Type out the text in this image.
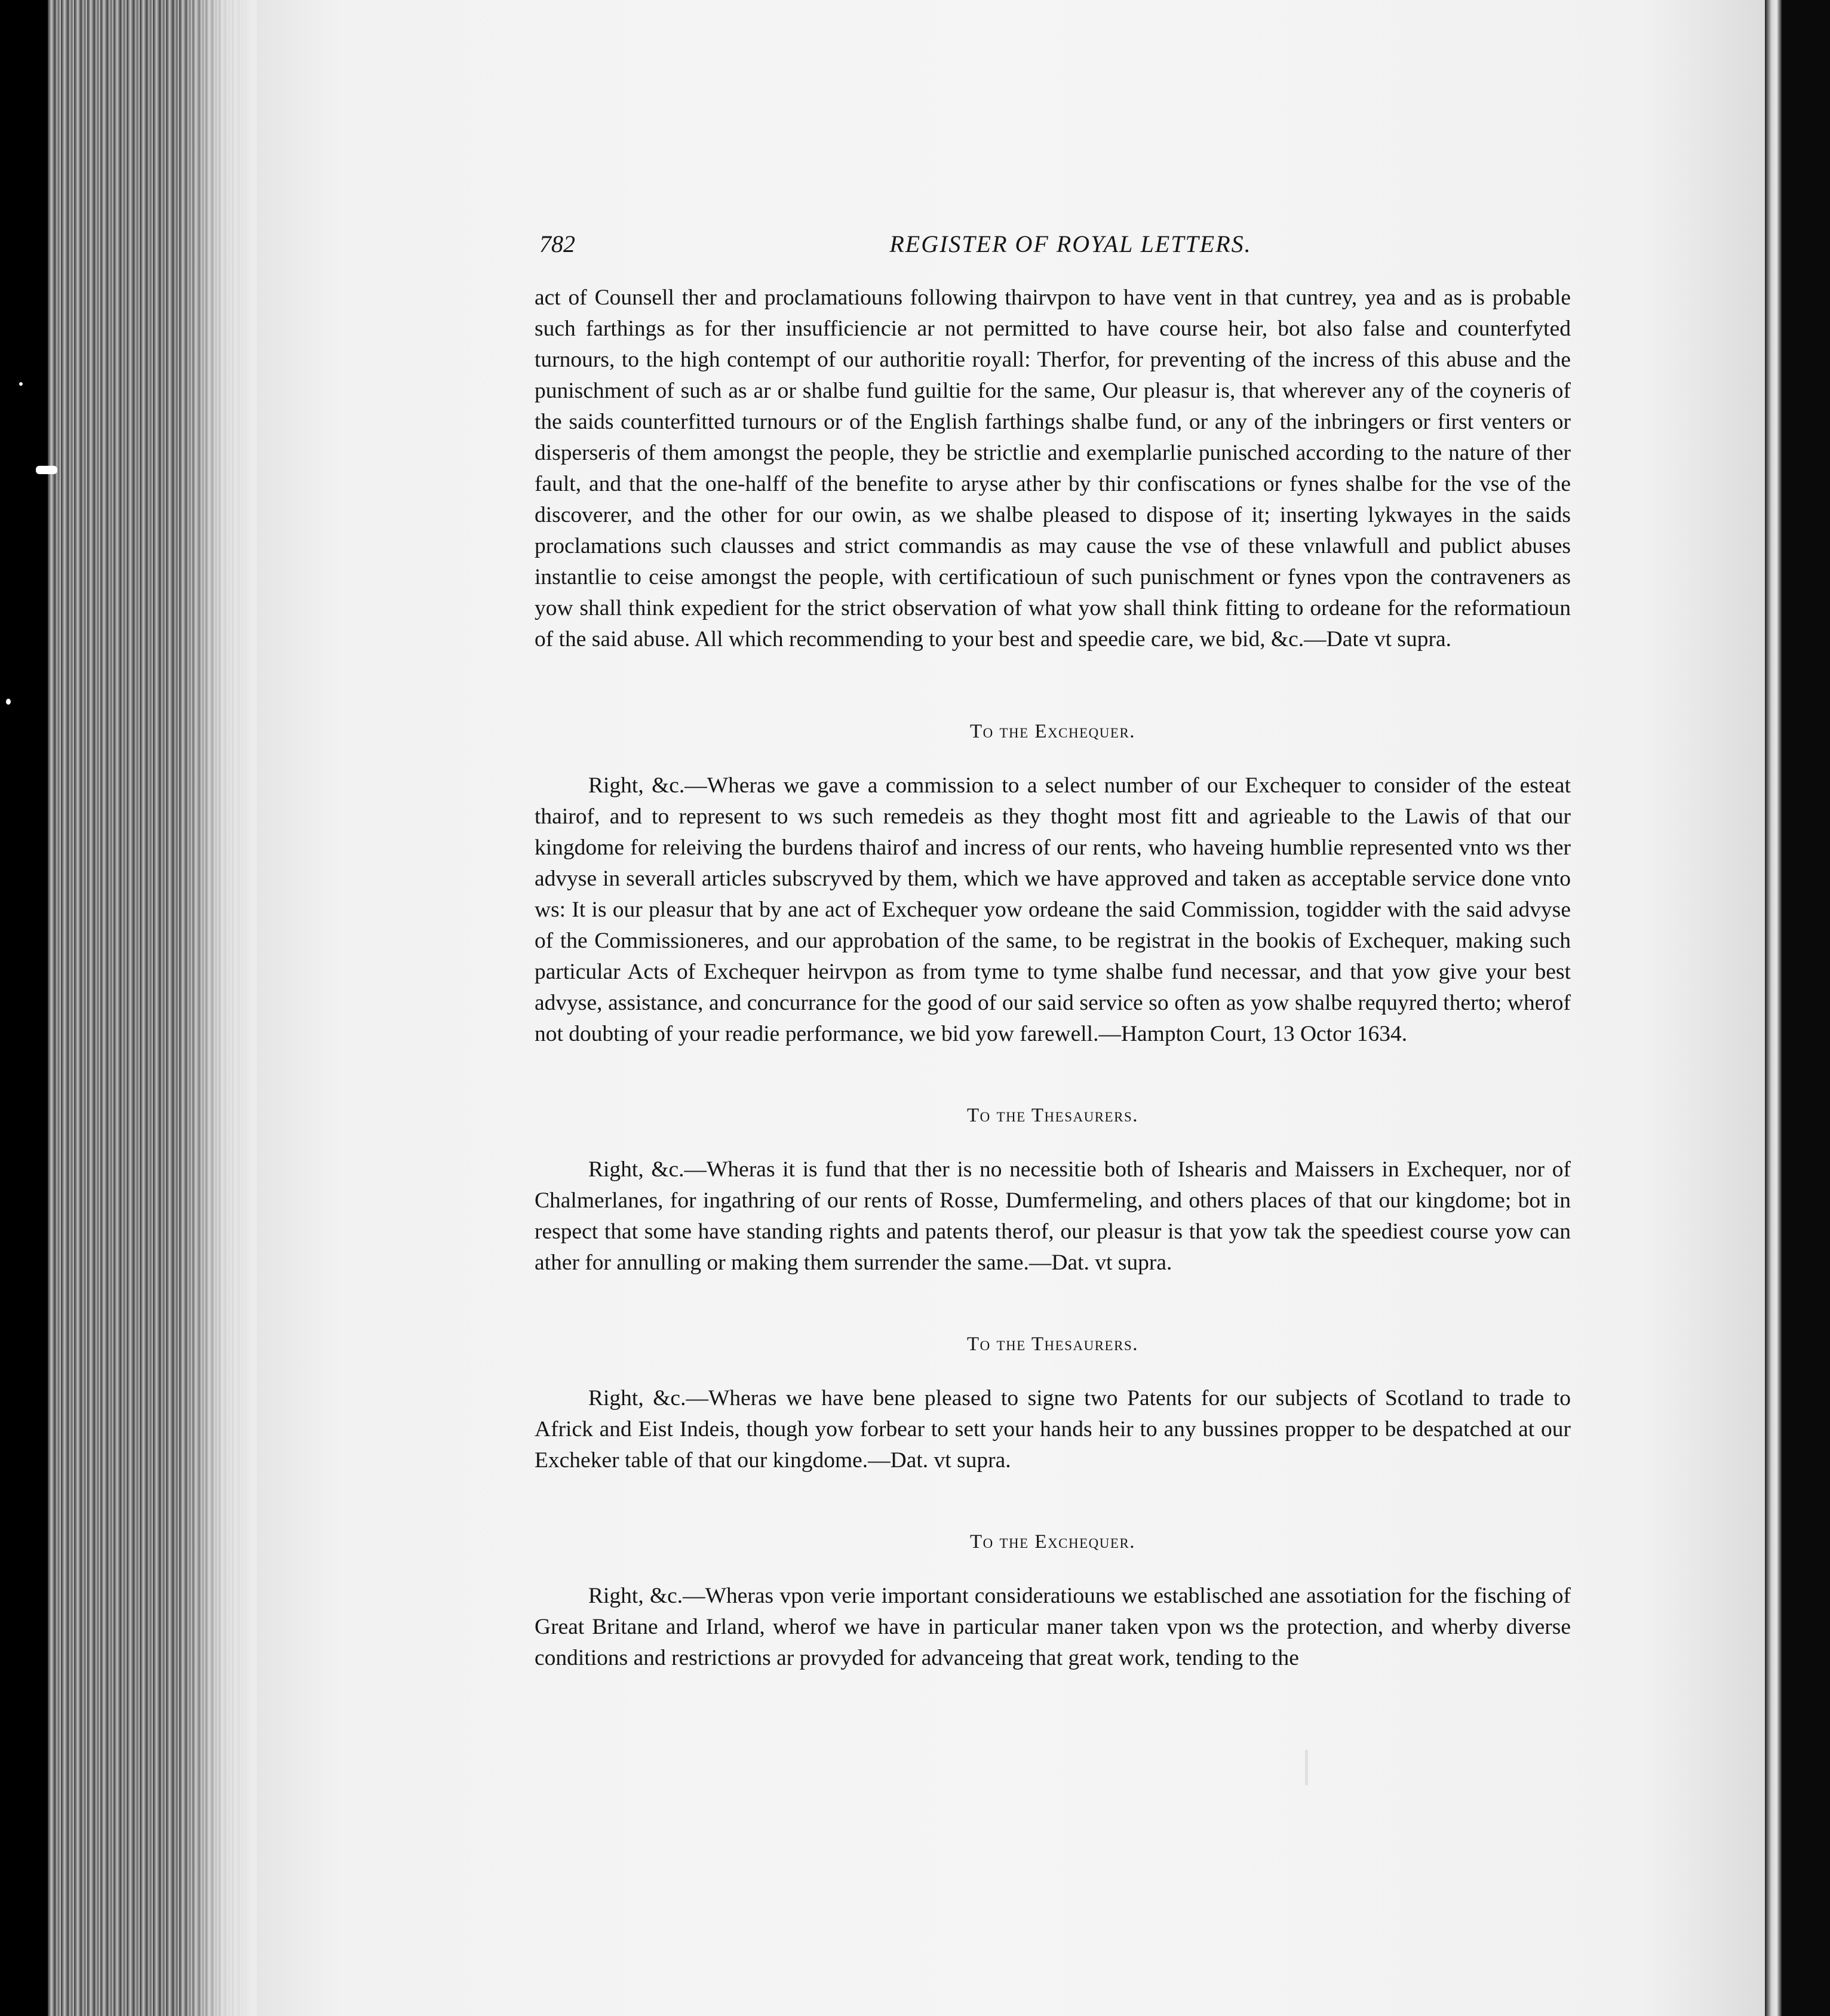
782	REGISTER OF ROYAL LETTERS.

act of Counsell ther and proclamatiouns following thairvpon to have vent in that cuntrey, yea and as is probable such farthings as for ther insufficiencie ar not permitted to have course heir, bot also false and counterfyted turnours, to the high contempt of our authoritie royall: Therfor, for preventing of the incress of this abuse and the punischment of such as ar or shalbe fund guiltie for the same, Our pleasur is, that wherever any of the coyneris of the saids counterfitted turnours or of the English farthings shalbe fund, or any of the inbringers or first venters or disperseris of them amongst the people, they be strictlie and exemplarlie punisched according to the nature of ther fault, and that the one-halff of the benefite to aryse ather by thir confiscations or fynes shalbe for the vse of the discoverer, and the other for our owin, as we shalbe pleased to dispose of it; inserting lykwayes in the saids proclamations such clausses and strict commandis as may cause the vse of these vnlawfull and publict abuses instantlie to ceise amongst the people, with certificatioun of such punischment or fynes vpon the contraveners as yow shall think expedient for the strict observation of what yow shall think fitting to ordeane for the reformatioun of the said abuse. All which recommending to your best and speedie care, we bid, &c.—Date vt supra.

To the Exchequer.

Right, &c.—Wheras we gave a commission to a select number of our Exchequer to consider of the esteat thairof, and to represent to ws such remedeis as they thoght most fitt and agrieable to the Lawis of that our kingdome for releiving the burdens thairof and incress of our rents, who haveing humblie represented vnto ws ther advyse in severall articles subscryved by them, which we have approved and taken as acceptable service done vnto ws: It is our pleasur that by ane act of Exchequer yow ordeane the said Commission, togidder with the said advyse of the Commissioneres, and our approbation of the same, to be registrat in the bookis of Exchequer, making such particular Acts of Exchequer heirvpon as from tyme to tyme shalbe fund necessar, and that yow give your best advyse, assistance, and concurrance for the good of our said service so often as yow shalbe requyred therto; wherof not doubting of your readie performance, we bid yow farewell.—Hampton Court, 13 Octor 1634.

To the Thesaurers.

Right, &c.—Wheras it is fund that ther is no necessitie both of Ishearis and Maissers in Exchequer, nor of Chalmerlanes, for ingathring of our rents of Rosse, Dumfermeling, and others places of that our kingdome; bot in respect that some have standing rights and patents therof, our pleasur is that yow tak the speediest course yow can ather for annulling or making them surrender the same.—Dat. vt supra.

To the Thesaurers.

Right, &c.—Wheras we have bene pleased to signe two Patents for our subjects of Scotland to trade to Africk and Eist Indeis, though yow forbear to sett your hands heir to any bussines propper to be despatched at our Excheker table of that our kingdome.—Dat. vt supra.

To the Exchequer.

Right, &c.—Wheras vpon verie important consideratiouns we establisched ane assotiation for the fisching of Great Britane and Irland, wherof we have in particular maner taken vpon ws the protection, and wherby diverse conditions and restrictions ar provyded for advanceing that great work, tending to the
